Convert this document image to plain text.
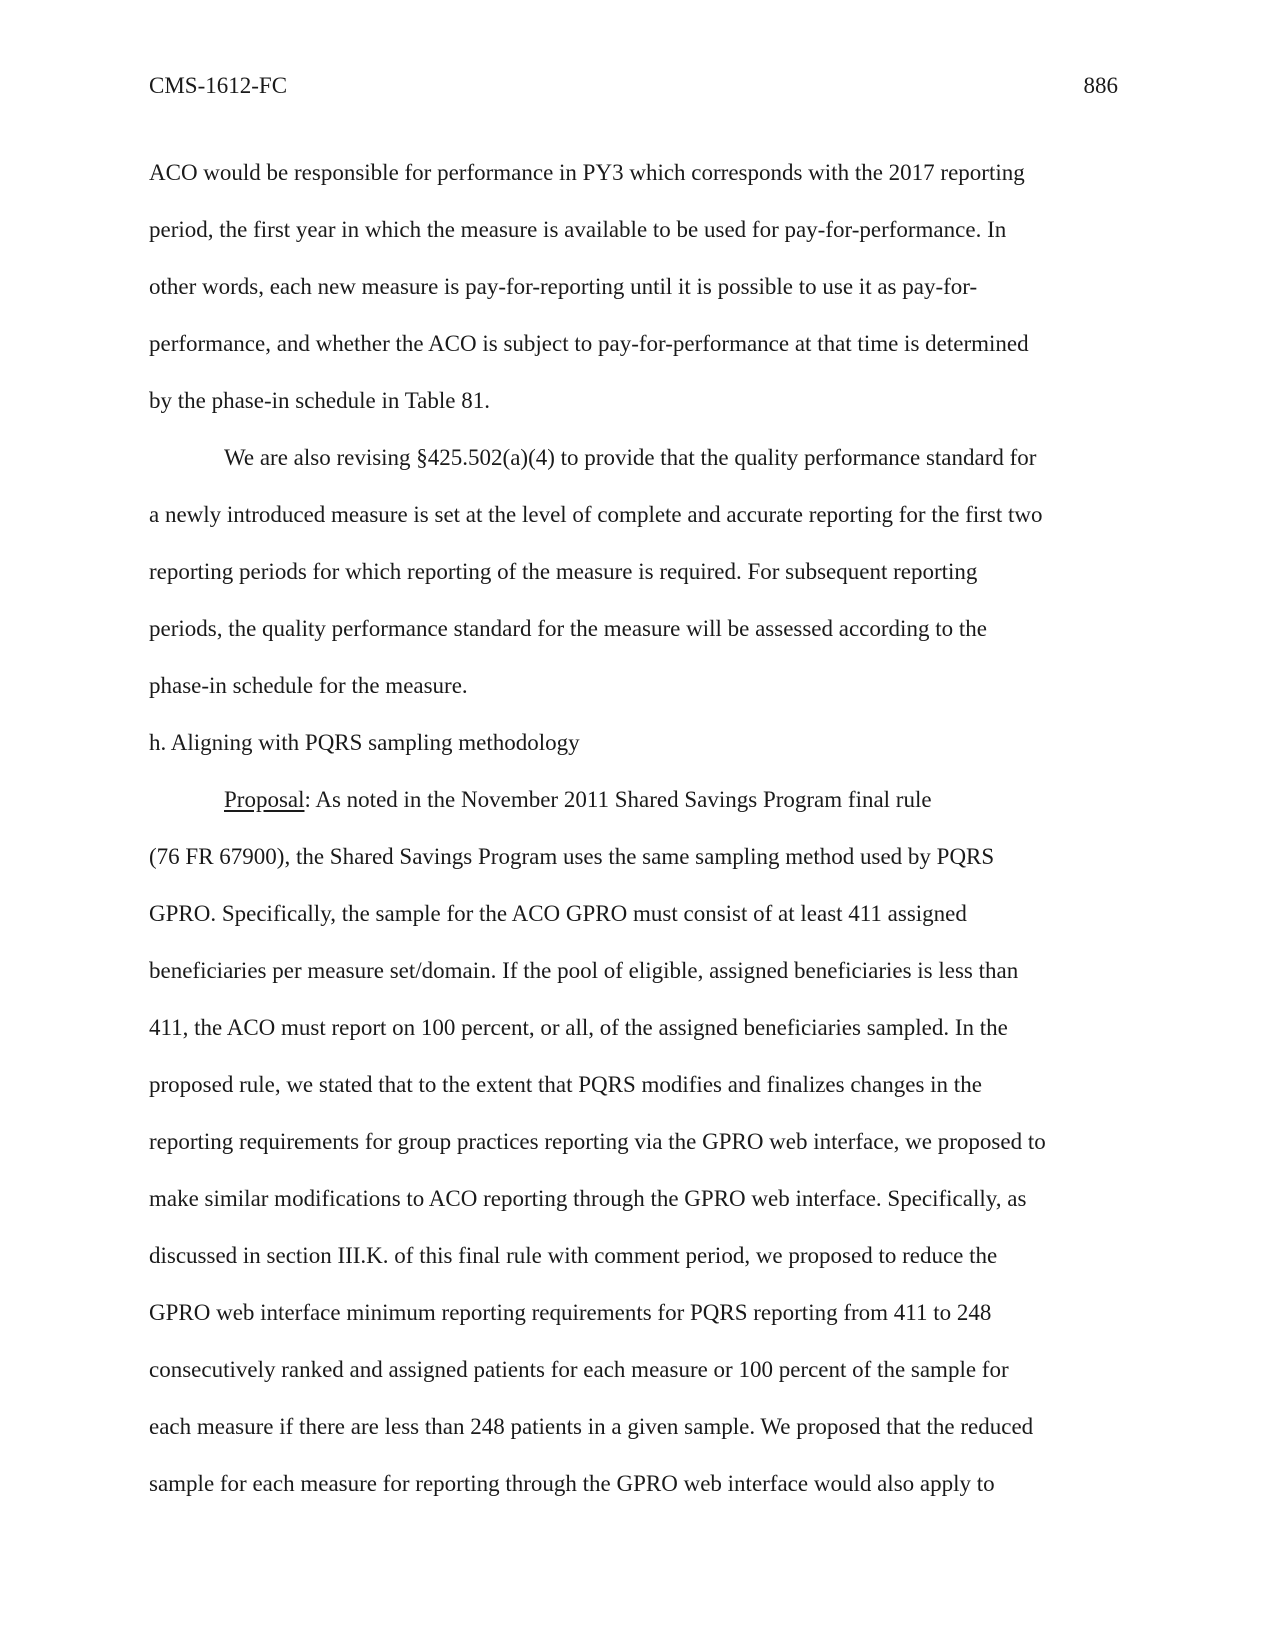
CMS-1612-FC	886
ACO would be responsible for performance in PY3 which corresponds with the 2017 reporting
period, the first year in which the measure is available to be used for pay-for-performance. In
other words, each new measure is pay-for-reporting until it is possible to use it as pay-for-
performance, and whether the ACO is subject to pay-for-performance at that time is determined
by the phase-in schedule in Table 81.
We are also revising §425.502(a)(4) to provide that the quality performance standard for
a newly introduced measure is set at the level of complete and accurate reporting for the first two
reporting periods for which reporting of the measure is required. For subsequent reporting
periods, the quality performance standard for the measure will be assessed according to the
phase-in schedule for the measure.
h. Aligning with PQRS sampling methodology
Proposal: As noted in the November 2011 Shared Savings Program final rule
(76 FR 67900), the Shared Savings Program uses the same sampling method used by PQRS
GPRO. Specifically, the sample for the ACO GPRO must consist of at least 411 assigned
beneficiaries per measure set/domain. If the pool of eligible, assigned beneficiaries is less than
411, the ACO must report on 100 percent, or all, of the assigned beneficiaries sampled. In the
proposed rule, we stated that to the extent that PQRS modifies and finalizes changes in the
reporting requirements for group practices reporting via the GPRO web interface, we proposed to
make similar modifications to ACO reporting through the GPRO web interface. Specifically, as
discussed in section III.K. of this final rule with comment period, we proposed to reduce the
GPRO web interface minimum reporting requirements for PQRS reporting from 411 to 248
consecutively ranked and assigned patients for each measure or 100 percent of the sample for
each measure if there are less than 248 patients in a given sample. We proposed that the reduced
sample for each measure for reporting through the GPRO web interface would also apply to
